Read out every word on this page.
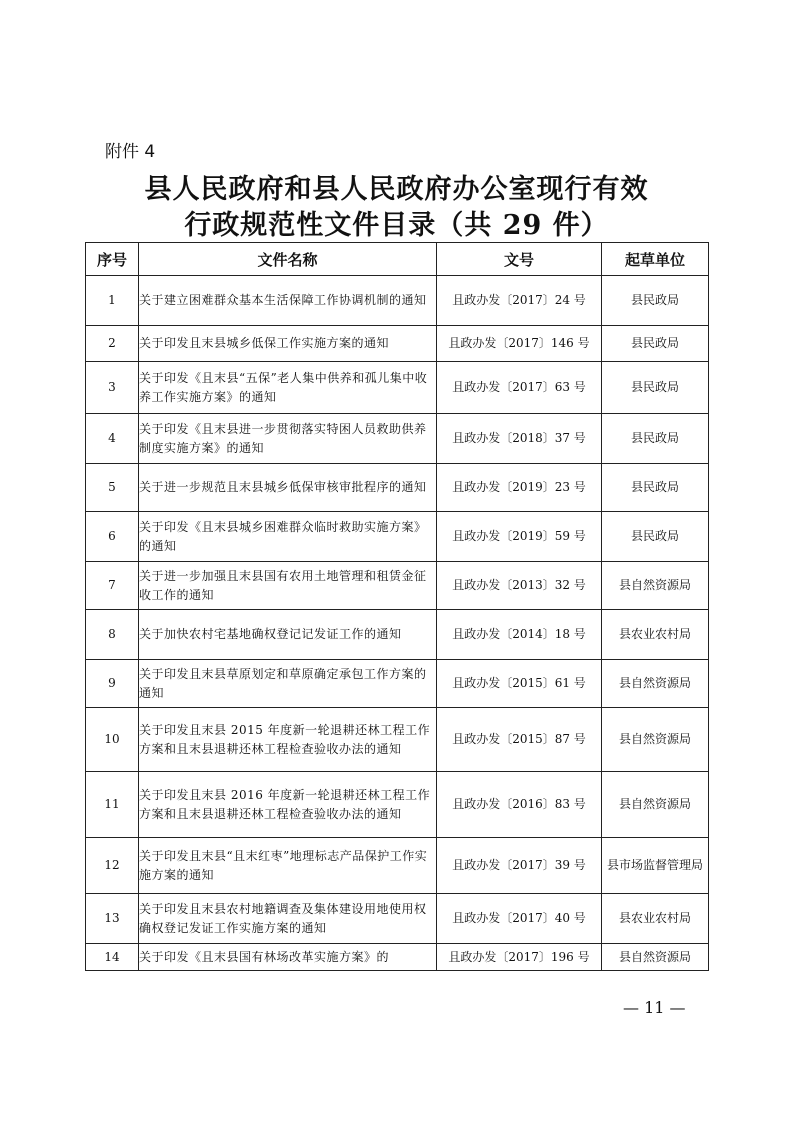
附件 4
县人民政府和县人民政府办公室现行有效
行政规范性文件目录（共 29 件）
序号	文件名称	文号	起草单位
1	关于建立困难群众基本生活保障工作协调机制的通知	且政办发〔2017〕24 号	县民政局
2	关于印发且末县城乡低保工作实施方案的通知	且政办发〔2017〕146 号	县民政局
3	关于印发《且末县“五保”老人集中供养和孤儿集中收养工作实施方案》的通知	且政办发〔2017〕63 号	县民政局
4	关于印发《且末县进一步贯彻落实特困人员救助供养制度实施方案》的通知	且政办发〔2018〕37 号	县民政局
5	关于进一步规范且末县城乡低保审核审批程序的通知	且政办发〔2019〕23 号	县民政局
6	关于印发《且末县城乡困难群众临时救助实施方案》的通知	且政办发〔2019〕59 号	县民政局
7	关于进一步加强且末县国有农用土地管理和租赁金征收工作的通知	且政办发〔2013〕32 号	县自然资源局
8	关于加快农村宅基地确权登记记发证工作的通知	且政办发〔2014〕18 号	县农业农村局
9	关于印发且末县草原划定和草原确定承包工作方案的通知	且政办发〔2015〕61 号	县自然资源局
10	关于印发且末县 2015 年度新一轮退耕还林工程工作方案和且末县退耕还林工程检查验收办法的通知	且政办发〔2015〕87 号	县自然资源局
11	关于印发且末县 2016 年度新一轮退耕还林工程工作方案和且末县退耕还林工程检查验收办法的通知	且政办发〔2016〕83 号	县自然资源局
12	关于印发且末县“且末红枣”地理标志产品保护工作实施方案的通知	且政办发〔2017〕39 号	县市场监督管理局
13	关于印发且末县农村地籍调查及集体建设用地使用权确权登记发证工作实施方案的通知	且政办发〔2017〕40 号	县农业农村局
14	关于印发《且末县国有林场改革实施方案》的	且政办发〔2017〕196 号	县自然资源局
— 11 —
